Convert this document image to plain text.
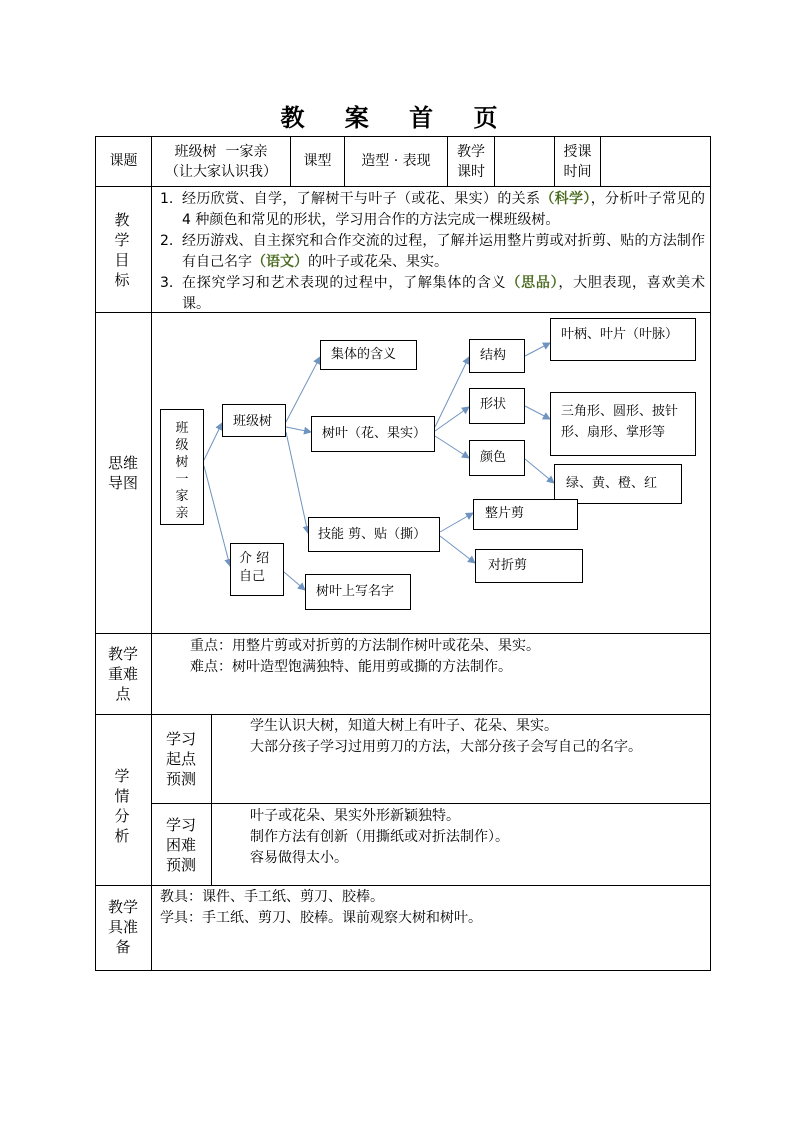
教 案 首 页
课题
班级树  一家亲
（让大家认识我）
课型	造型 · 表现
教学
课时
授课
时间
教学目标
1. 经历欣赏、自学，了解树干与叶子（或花、果实）的关系（科学），分析叶子常见的 4 种颜色和常见的形状，学习用合作的方法完成一棵班级树。
2. 经历游戏、自主探究和合作交流的过程，了解并运用整片剪或对折剪、贴的方法制作有自己名字（语文）的叶子或花朵、果实。
3. 在探究学习和艺术表现的过程中，了解集体的含义（思品），大胆表现，喜欢美术课。
思维导图
班级树  一家亲
班级树
介 绍
自己
集体的含义
树叶（花、果实）
技能 剪、贴（撕）
树叶上写名字
结构
形状
颜色
叶柄、叶片（叶脉）
三角形、圆形、披针形、扇形、掌形等
绿、黄、橙、红
整片剪
对折剪
教学重难点
重点：用整片剪或对折剪的方法制作树叶或花朵、果实。
难点：树叶造型饱满独特、能用剪或撕的方法制作。
学情分析
学习起点预测
学生认识大树，知道大树上有叶子、花朵、果实。
大部分孩子学习过用剪刀的方法，大部分孩子会写自己的名字。
学习困难预测
叶子或花朵、果实外形新颖独特。
制作方法有创新（用撕纸或对折法制作）。
容易做得太小。
教学具准备
教具：课件、手工纸、剪刀、胶棒。
学具：手工纸、剪刀、胶棒。课前观察大树和树叶。
